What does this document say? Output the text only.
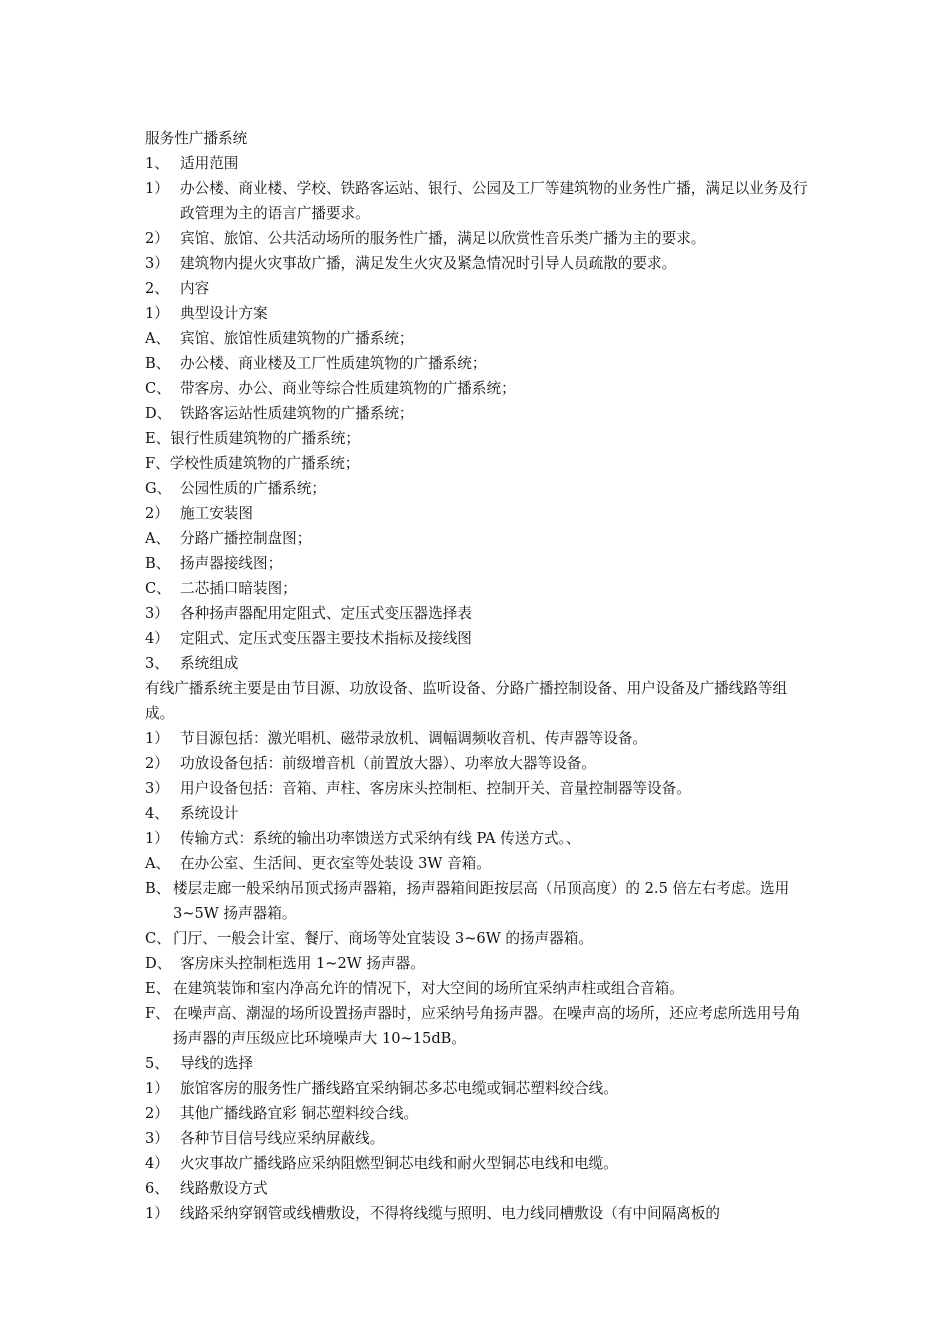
服务性广播系统

1、 适用范围
1） 办公楼、商业楼、学校、铁路客运站、银行、公园及工厂等建筑物的业务性广播，满足以业务及行政管理为主的语言广播要求。
2） 宾馆、旅馆、公共活动场所的服务性广播，满足以欣赏性音乐类广播为主的要求。
3） 建筑物内提火灾事故广播，满足发生火灾及紧急情况时引导人员疏散的要求。
2、 内容
1） 典型设计方案
A、 宾馆、旅馆性质建筑物的广播系统；
B、 办公楼、商业楼及工厂性质建筑物的广播系统；
C、 带客房、办公、商业等综合性质建筑物的广播系统；
D、 铁路客运站性质建筑物的广播系统；

E、银行性质建筑物的广播系统；

F、学校性质建筑物的广播系统；

G、 公园性质的广播系统；
2） 施工安装图
A、 分路广播控制盘图；
B、 扬声器接线图；
C、 二芯插口暗装图；
3） 各种扬声器配用定阻式、定压式变压器选择表
4） 定阻式、定压式变压器主要技术指标及接线图
3、 系统组成

有线广播系统主要是由节目源、功放设备、监听设备、分路广播控制设备、用户设备及广播线路等组成。

1） 节目源包括：激光唱机、磁带录放机、调幅调频收音机、传声器等设备。
2） 功放设备包括：前级增音机（前置放大器）、功率放大器等设备。
3） 用户设备包括：音箱、声柱、客房床头控制柜、控制开关、音量控制器等设备。
4、 系统设计
1） 传输方式：系统的输出功率馈送方式采纳有线 PA 传送方式。、
A、 在办公室、生活间、更衣室等处装设 3W 音箱。
B、 楼层走廊一般采纳吊顶式扬声器箱，扬声器箱间距按层高（吊顶高度）的 2.5 倍左右考虑。选用 3~5W 扬声器箱。
C、 门厅、一般会计室、餐厅、商场等处宜装设 3~6W 的扬声器箱。
D、 客房床头控制柜选用 1~2W 扬声器。
E、 在建筑装饰和室内净高允许的情况下，对大空间的场所宜采纳声柱或组合音箱。
F、 在噪声高、潮湿的场所设置扬声器时，应采纳号角扬声器。在噪声高的场所，还应考虑所选用号角扬声器的声压级应比环境噪声大 10~15dB。
5、 导线的选择
1） 旅馆客房的服务性广播线路宜采纳铜芯多芯电缆或铜芯塑料绞合线。
2） 其他广播线路宜彩 铜芯塑料绞合线。
3） 各种节目信号线应采纳屏蔽线。
4） 火灾事故广播线路应采纳阻燃型铜芯电线和耐火型铜芯电线和电缆。
6、 线路敷设方式
1） 线路采纳穿钢管或线槽敷设，不得将线缆与照明、电力线同槽敷设（有中间隔离板的
